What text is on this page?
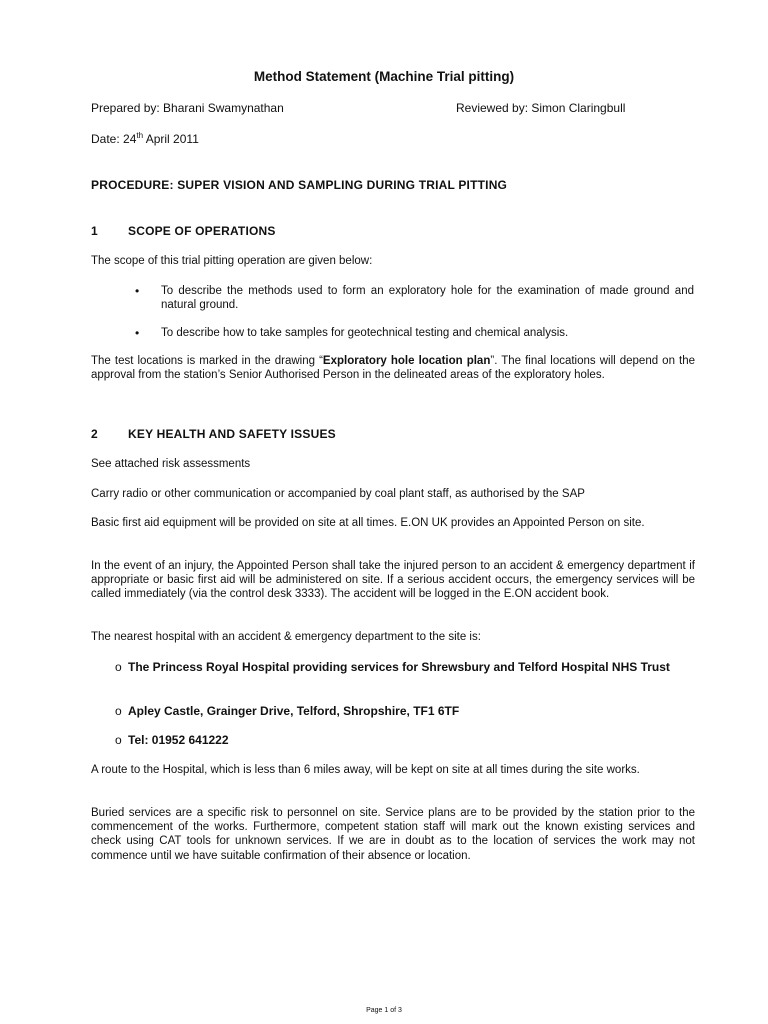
Method Statement (Machine Trial pitting)
Prepared by: Bharani Swamynathan	Reviewed by: Simon Claringbull
Date: 24th April 2011
PROCEDURE: SUPER VISION AND SAMPLING DURING TRIAL PITTING
1	SCOPE OF OPERATIONS
The scope of this trial pitting operation are given below:
• To describe the methods used to form an exploratory hole for the examination of made ground and natural ground.
• To describe how to take samples for geotechnical testing and chemical analysis.
The test locations is marked in the drawing “Exploratory hole location plan”. The final locations will depend on the approval from the station’s Senior Authorised Person in the delineated areas of the exploratory holes.
2	KEY HEALTH AND SAFETY ISSUES
See attached risk assessments
Carry radio or other communication or accompanied by coal plant staff, as authorised by the SAP
Basic first aid equipment will be provided on site at all times. E.ON UK provides an Appointed Person on site.
In the event of an injury, the Appointed Person shall take the injured person to an accident & emergency department if appropriate or basic first aid will be administered on site. If a serious accident occurs, the emergency services will be called immediately (via the control desk 3333). The accident will be logged in the E.ON accident book.
The nearest hospital with an accident & emergency department to the site is:
o The Princess Royal Hospital providing services for Shrewsbury and Telford Hospital NHS Trust
o Apley Castle, Grainger Drive, Telford, Shropshire, TF1 6TF
o Tel: 01952 641222
A route to the Hospital, which is less than 6 miles away, will be kept on site at all times during the site works.
Buried services are a specific risk to personnel on site. Service plans are to be provided by the station prior to the commencement of the works. Furthermore, competent station staff will mark out the known existing services and check using CAT tools for unknown services. If we are in doubt as to the location of services the work may not commence until we have suitable confirmation of their absence or location.
Page 1 of 3
